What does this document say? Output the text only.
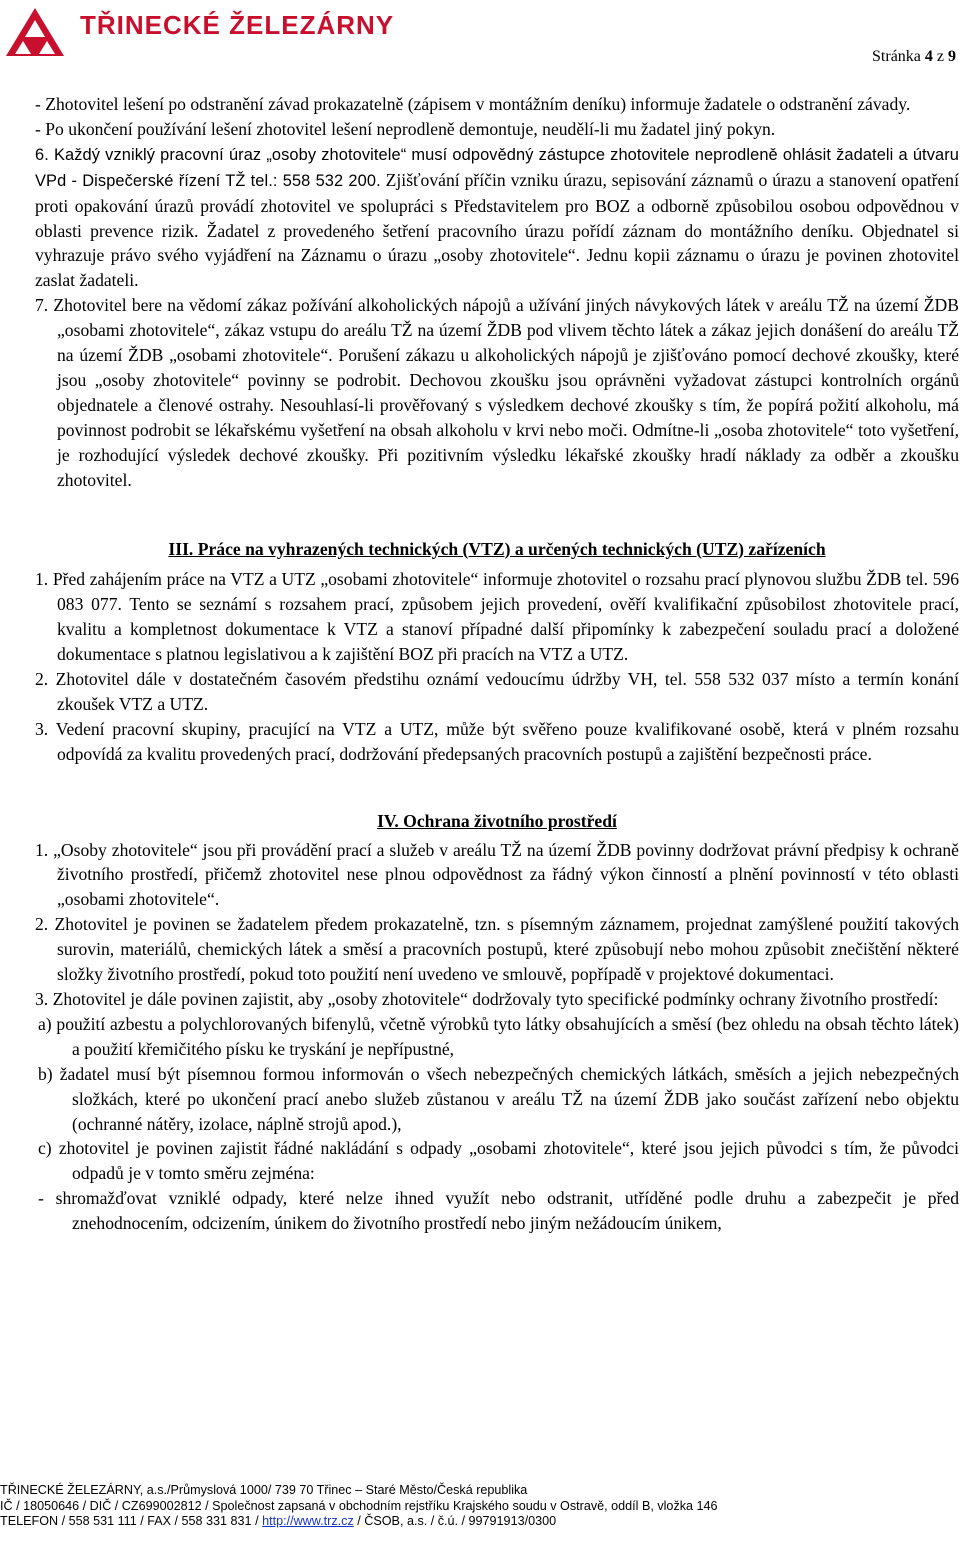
TŘINECKÉ ŽELEZÁRNY
Stránka 4 z 9

- Zhotovitel lešení po odstranění závad prokazatelně (zápisem v montážním deníku) informuje žadatele o odstranění závady.

- Po ukončení používání lešení zhotovitel lešení neprodleně demontuje, neudělí-li mu žadatel jiný pokyn.

6. Každý vzniklý pracovní úraz „osoby zhotovitele“ musí odpovědný zástupce zhotovitele neprodleně ohlásit žadateli a útvaru VPd - Dispečerské řízení TŽ tel.: 558 532 200. Zjišťování příčin vzniku úrazu, sepisování záznamů o úrazu a stanovení opatření proti opakování úrazů provádí zhotovitel ve spolupráci s Představitelem pro BOZ a odborně způsobilou osobou odpovědnou v oblasti prevence rizik. Žadatel z provedeného šetření pracovního úrazu pořídí záznam do montážního deníku. Objednatel si vyhrazuje právo svého vyjádření na Záznamu o úrazu „osoby zhotovitele“. Jednu kopii záznamu o úrazu je povinen zhotovitel zaslat žadateli.

7. Zhotovitel bere na vědomí zákaz požívání alkoholických nápojů a užívání jiných návykových látek v areálu TŽ na území ŽDB „osobami zhotovitele“, zákaz vstupu do areálu TŽ na území ŽDB pod vlivem těchto látek a zákaz jejich donášení do areálu TŽ na území ŽDB „osobami zhotovitele“. Porušení zákazu u alkoholických nápojů je zjišťováno pomocí dechové zkoušky, které jsou „osoby zhotovitele“ povinny se podrobit. Dechovou zkoušku jsou oprávněni vyžadovat zástupci kontrolních orgánů objednatele a členové ostrahy. Nesouhlasí-li prověřovaný s výsledkem dechové zkoušky s tím, že popírá požití alkoholu, má povinnost podrobit se lékařskému vyšetření na obsah alkoholu v krvi nebo moči. Odmítne-li „osoba zhotovitele“ toto vyšetření, je rozhodující výsledek dechové zkoušky. Při pozitivním výsledku lékařské zkoušky hradí náklady za odběr a zkoušku zhotovitel.

III. Práce na vyhrazených technických (VTZ) a určených technických (UTZ) zařízeních

1. Před zahájením práce na VTZ a UTZ „osobami zhotovitele“ informuje zhotovitel o rozsahu prací plynovou službu ŽDB tel. 596 083 077. Tento se seznámí s rozsahem prací, způsobem jejich provedení, ověří kvalifikační způsobilost zhotovitele prací, kvalitu a kompletnost dokumentace k VTZ a stanoví případné další připomínky k zabezpečení souladu prací a doložené dokumentace s platnou legislativou a k zajištění BOZ při pracích na VTZ a UTZ.

2. Zhotovitel dále v dostatečném časovém předstihu oznámí vedoucímu údržby VH, tel. 558 532 037 místo a termín konání zkoušek VTZ a UTZ.

3. Vedení pracovní skupiny, pracující na VTZ a UTZ, může být svěřeno pouze kvalifikované osobě, která v plném rozsahu odpovídá za kvalitu provedených prací, dodržování předepsaných pracovních postupů a zajištění bezpečnosti práce.

IV. Ochrana životního prostředí

1. „Osoby zhotovitele“ jsou při provádění prací a služeb v areálu TŽ na území ŽDB povinny dodržovat právní předpisy k ochraně životního prostředí, přičemž zhotovitel nese plnou odpovědnost za řádný výkon činností a plnění povinností v této oblasti „osobami zhotovitele“.

2. Zhotovitel je povinen se žadatelem předem prokazatelně, tzn. s písemným záznamem, projednat zamýšlené použití takových surovin, materiálů, chemických látek a směsí a pracovních postupů, které způsobují nebo mohou způsobit znečištění některé složky životního prostředí, pokud toto použití není uvedeno ve smlouvě, popřípadě v projektové dokumentaci.

3. Zhotovitel je dále povinen zajistit, aby „osoby zhotovitele“ dodržovaly tyto specifické podmínky ochrany životního prostředí:

a) použití azbestu a polychlorovaných bifenylů, včetně výrobků tyto látky obsahujících a směsí (bez ohledu na obsah těchto látek) a použití křemičitého písku ke tryskání je nepřípustné,

b) žadatel musí být písemnou formou informován o všech nebezpečných chemických látkách, směsích a jejich nebezpečných složkách, které po ukončení prací anebo služeb zůstanou v areálu TŽ na území ŽDB jako součást zařízení nebo objektu (ochranné nátěry, izolace, náplně strojů apod.),

c) zhotovitel je povinen zajistit řádné nakládání s odpady „osobami zhotovitele“, které jsou jejich původci s tím, že původci odpadů je v tomto směru zejména:

- shromažďovat vzniklé odpady, které nelze ihned využít nebo odstranit, utříděné podle druhu a zabezpečit je před znehodnocením, odcizením, únikem do životního prostředí nebo jiným nežádoucím únikem,

TŘINECKÉ ŽELEZÁRNY, a.s./Průmyslová 1000/ 739 70 Třinec – Staré Město/Česká republika
IČ / 18050646 / DIČ / CZ699002812 / Společnost zapsaná v obchodním rejstříku Krajského soudu v Ostravě, oddíl B, vložka 146
TELEFON / 558 531 111 / FAX / 558 331 831 / http://www.trz.cz / ČSOB, a.s. / č.ú. / 99791913/0300
